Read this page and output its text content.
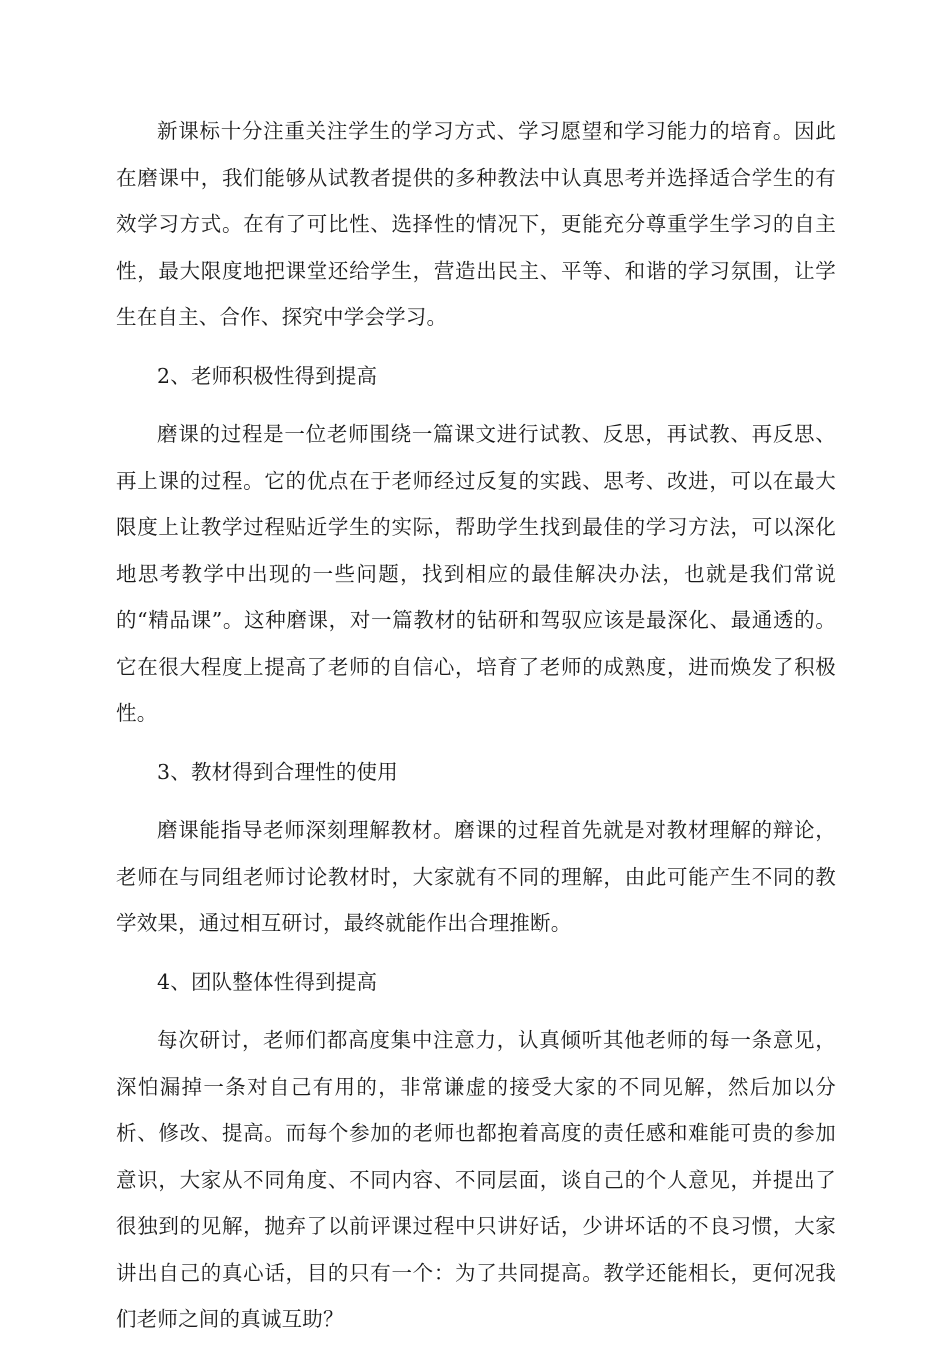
新课标十分注重关注学生的学习方式、学习愿望和学习能力的培育。因此在磨课中，我们能够从试教者提供的多种教法中认真思考并选择适合学生的有效学习方式。在有了可比性、选择性的情况下，更能充分尊重学生学习的自主性，最大限度地把课堂还给学生，营造出民主、平等、和谐的学习氛围，让学生在自主、合作、探究中学会学习。

2、老师积极性得到提高

磨课的过程是一位老师围绕一篇课文进行试教、反思，再试教、再反思、再上课的过程。它的优点在于老师经过反复的实践、思考、改进，可以在最大限度上让教学过程贴近学生的实际，帮助学生找到最佳的学习方法，可以深化地思考教学中出现的一些问题，找到相应的最佳解决办法，也就是我们常说的“精品课”。这种磨课，对一篇教材的钻研和驾驭应该是最深化、最通透的。它在很大程度上提高了老师的自信心，培育了老师的成熟度，进而焕发了积极性。

3、教材得到合理性的使用

磨课能指导老师深刻理解教材。磨课的过程首先就是对教材理解的辩论，老师在与同组老师讨论教材时，大家就有不同的理解，由此可能产生不同的教学效果，通过相互研讨，最终就能作出合理推断。

4、团队整体性得到提高

每次研讨，老师们都高度集中注意力，认真倾听其他老师的每一条意见，深怕漏掉一条对自己有用的，非常谦虚的接受大家的不同见解，然后加以分析、修改、提高。而每个参加的老师也都抱着高度的责任感和难能可贵的参加意识，大家从不同角度、不同内容、不同层面，谈自己的个人意见，并提出了很独到的见解，抛弃了以前评课过程中只讲好话，少讲坏话的不良习惯，大家讲出自己的真心话，目的只有一个：为了共同提高。教学还能相长，更何况我们老师之间的真诚互助？
